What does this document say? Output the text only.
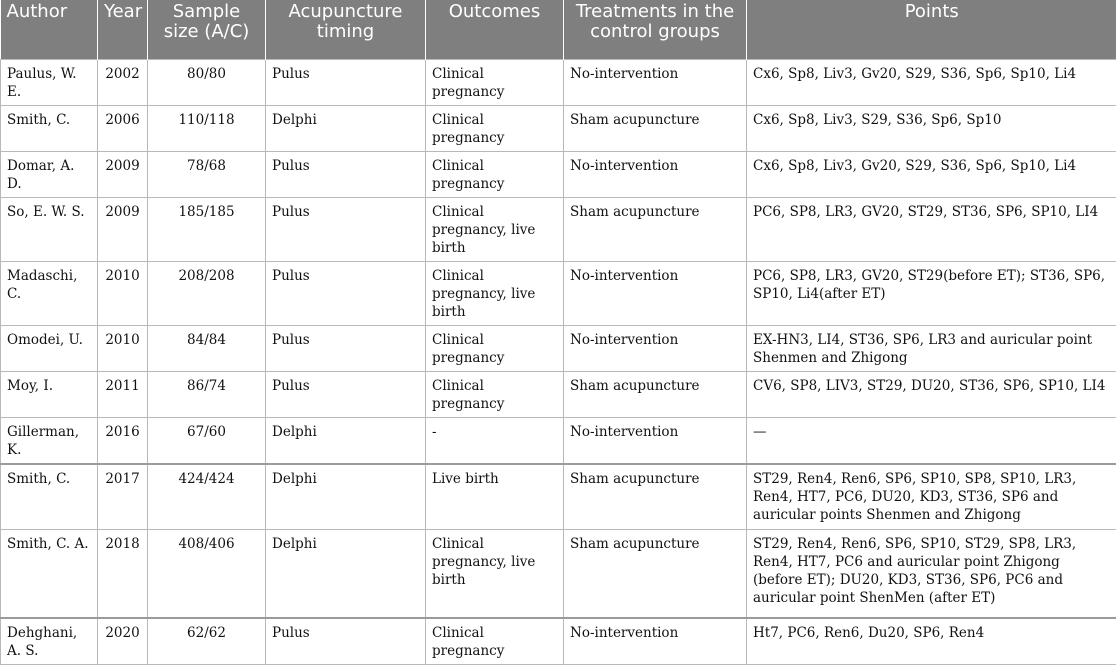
Author	Year	Sample size (A/C)	Acupuncture timing	Outcomes	Treatments in the control groups	Points
Paulus, W. E.	2002	80/80	Pulus	Clinical pregnancy	No-intervention	Cx6, Sp8, Liv3, Gv20, S29, S36, Sp6, Sp10, Li4
Smith, C.	2006	110/118	Delphi	Clinical pregnancy	Sham acupuncture	Cx6, Sp8, Liv3, S29, S36, Sp6, Sp10
Domar, A. D.	2009	78/68	Pulus	Clinical pregnancy	No-intervention	Cx6, Sp8, Liv3, Gv20, S29, S36, Sp6, Sp10, Li4
So, E. W. S.	2009	185/185	Pulus	Clinical pregnancy, live birth	Sham acupuncture	PC6, SP8, LR3, GV20, ST29, ST36, SP6, SP10, LI4
Madaschi, C.	2010	208/208	Pulus	Clinical pregnancy, live birth	No-intervention	PC6, SP8, LR3, GV20, ST29(before ET); ST36, SP6, SP10, Li4(after ET)
Omodei, U.	2010	84/84	Pulus	Clinical pregnancy	No-intervention	EX-HN3, LI4, ST36, SP6, LR3 and auricular point Shenmen and Zhigong
Moy, I.	2011	86/74	Pulus	Clinical pregnancy	Sham acupuncture	CV6, SP8, LIV3, ST29, DU20, ST36, SP6, SP10, LI4
Gillerman, K.	2016	67/60	Delphi	-	No-intervention	—
Smith, C.	2017	424/424	Delphi	Live birth	Sham acupuncture	ST29, Ren4, Ren6, SP6, SP10, SP8, SP10, LR3, Ren4, HT7, PC6, DU20, KD3, ST36, SP6 and auricular points Shenmen and Zhigong
Smith, C. A.	2018	408/406	Delphi	Clinical pregnancy, live birth	Sham acupuncture	ST29, Ren4, Ren6, SP6, SP10, ST29, SP8, LR3, Ren4, HT7, PC6 and auricular point Zhigong (before ET); DU20, KD3, ST36, SP6, PC6 and auricular point ShenMen (after ET)
Dehghani, A. S.	2020	62/62	Pulus	Clinical pregnancy	No-intervention	Ht7, PC6, Ren6, Du20, SP6, Ren4
